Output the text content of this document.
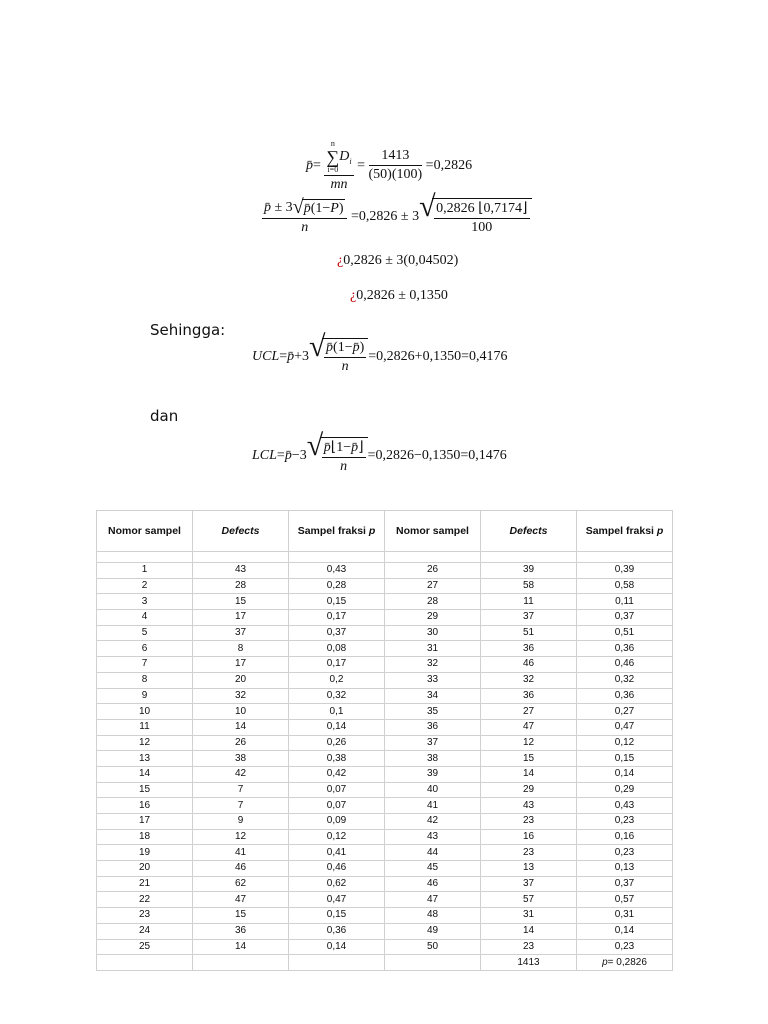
p̄= n
∑
i=0
$D_i$
mn = $\frac{1413}{(50)(100)} =0,2826$
$\frac{p̄ \pm 3 √ p̄(1-P)}{n} =0,2826 \pm 3$ √
$\frac{0,2826 ⌊0,7174⌋}{100}$
¿0,2826 ± 3(0,04502)
¿0,2826 ± 0,1350
Sehingga:
UCL=p̄+3 √
$\frac{p̄(1-p̄)}{n} =0,2826+0,1350=0,4176$
dan
LCL=p̄−3 √
$\frac{p̄⌊1-p̄⌋}{n} =0,2826-0,1350=0,1476$
Nomor sampel	Defects	Sampel fraksi p	Nomor sampel	Defects	Sampel fraksi p

1	43	0,43	26	39	0,39
2	28	0,28	27	58	0,58
3	15	0,15	28	11	0,11
4	17	0,17	29	37	0,37
5	37	0,37	30	51	0,51
6	8	0,08	31	36	0,36
7	17	0,17	32	46	0,46
8	20	0,2	33	32	0,32
9	32	0,32	34	36	0,36
10	10	0,1	35	27	0,27
11	14	0,14	36	47	0,47
12	26	0,26	37	12	0,12
13	38	0,38	38	15	0,15
14	42	0,42	39	14	0,14
15	7	0,07	40	29	0,29
16	7	0,07	41	43	0,43
17	9	0,09	42	23	0,23
18	12	0,12	43	16	0,16
19	41	0,41	44	23	0,23
20	46	0,46	45	13	0,13
21	62	0,62	46	37	0,37
22	47	0,47	47	57	0,57
23	15	0,15	48	31	0,31
24	36	0,36	49	14	0,14
25	14	0,14	50	23	0,23
				1413	p= 0,2826
